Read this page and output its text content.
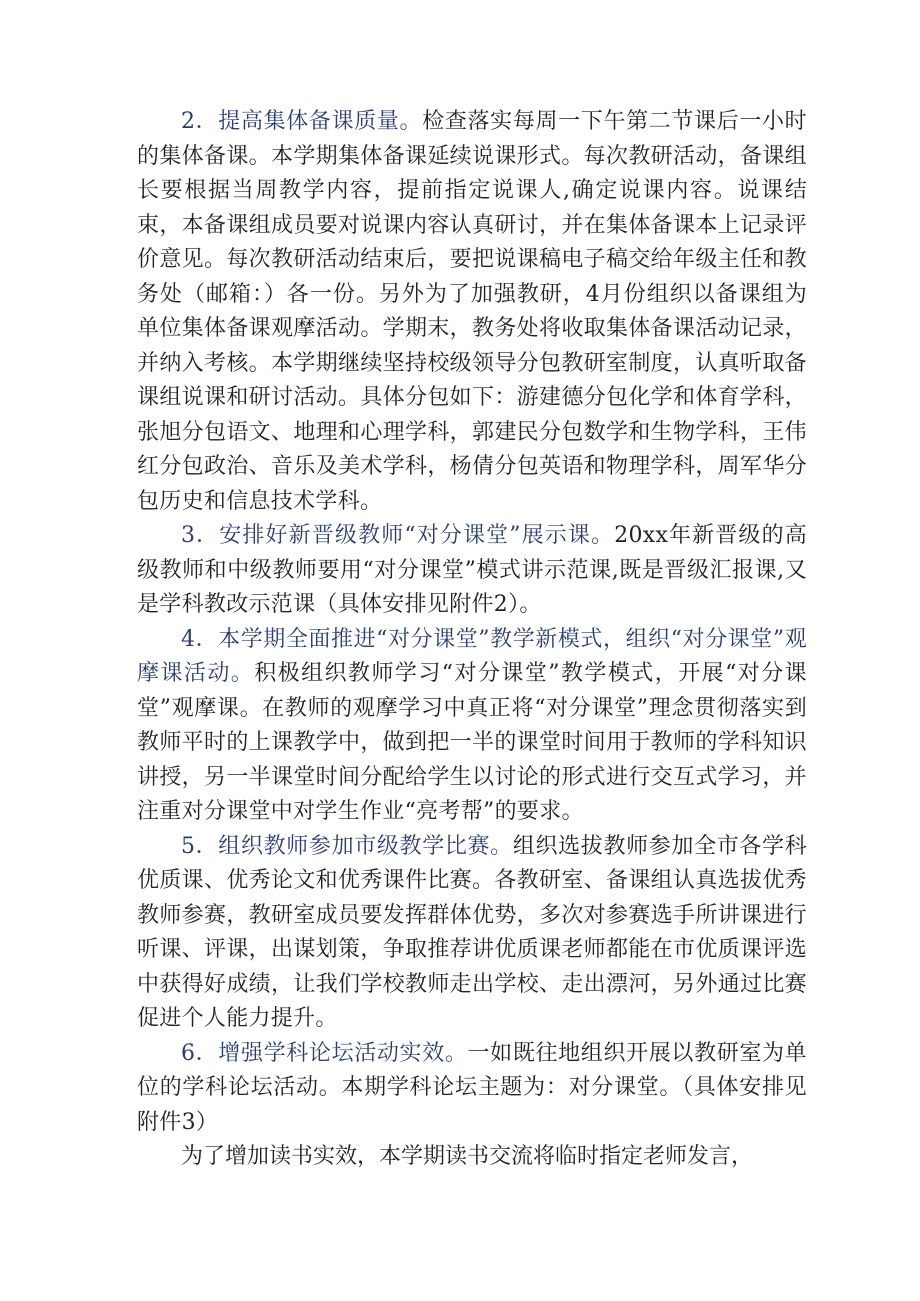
2．提高集体备课质量。检查落实每周一下午第二节课后一小时的集体备课。本学期集体备课延续说课形式。每次教研活动，备课组长要根据当周教学内容，提前指定说课人,确定说课内容。说课结束，本备课组成员要对说课内容认真研讨，并在集体备课本上记录评价意见。每次教研活动结束后，要把说课稿电子稿交给年级主任和教务处（邮箱：）各一份。另外为了加强教研，4月份组织以备课组为单位集体备课观摩活动。学期末，教务处将收取集体备课活动记录，并纳入考核。本学期继续坚持校级领导分包教研室制度，认真听取备课组说课和研讨活动。具体分包如下：游建德分包化学和体育学科，张旭分包语文、地理和心理学科，郭建民分包数学和生物学科，王伟红分包政治、音乐及美术学科，杨倩分包英语和物理学科，周军华分包历史和信息技术学科。

3．安排好新晋级教师“对分课堂”展示课。20xx年新晋级的高级教师和中级教师要用“对分课堂”模式讲示范课,既是晋级汇报课,又是学科教改示范课（具体安排见附件2）。

4．本学期全面推进“对分课堂”教学新模式，组织“对分课堂”观摩课活动。积极组织教师学习“对分课堂”教学模式，开展“对分课堂”观摩课。在教师的观摩学习中真正将“对分课堂”理念贯彻落实到教师平时的上课教学中，做到把一半的课堂时间用于教师的学科知识讲授，另一半课堂时间分配给学生以讨论的形式进行交互式学习，并注重对分课堂中对学生作业“亮考帮”的要求。

5．组织教师参加市级教学比赛。组织选拔教师参加全市各学科优质课、优秀论文和优秀课件比赛。各教研室、备课组认真选拔优秀教师参赛，教研室成员要发挥群体优势，多次对参赛选手所讲课进行听课、评课，出谋划策，争取推荐讲优质课老师都能在市优质课评选中获得好成绩，让我们学校教师走出学校、走出漂河，另外通过比赛促进个人能力提升。

6．增强学科论坛活动实效。一如既往地组织开展以教研室为单位的学科论坛活动。本期学科论坛主题为：对分课堂。（具体安排见附件3）

为了增加读书实效，本学期读书交流将临时指定老师发言，
